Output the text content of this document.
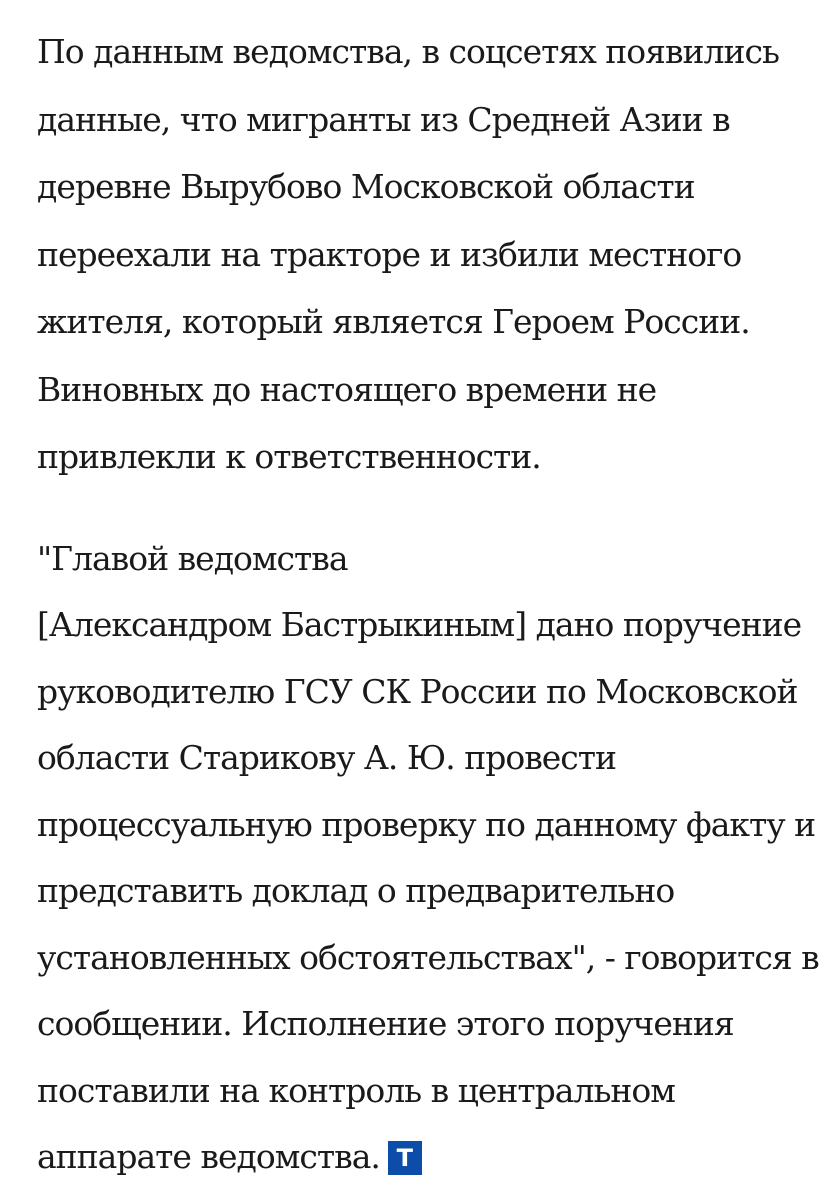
По данным ведомства, в соцсетях появились
данные, что мигранты из Средней Азии в
деревне Вырубово Московской области
переехали на тракторе и избили местного
жителя, который является Героем России.
Виновных до настоящего времени не
привлекли к ответственности.
"Главой ведомства
[Александром Бастрыкиным] дано поручение
руководителю ГСУ СК России по Московской
области Старикову А. Ю. провести
процессуальную проверку по данному факту и
представить доклад о предварительно
установленных обстоятельствах", - говорится в
сообщении. Исполнение этого поручения
поставили на контроль в центральном
аппарате ведомства. Т
